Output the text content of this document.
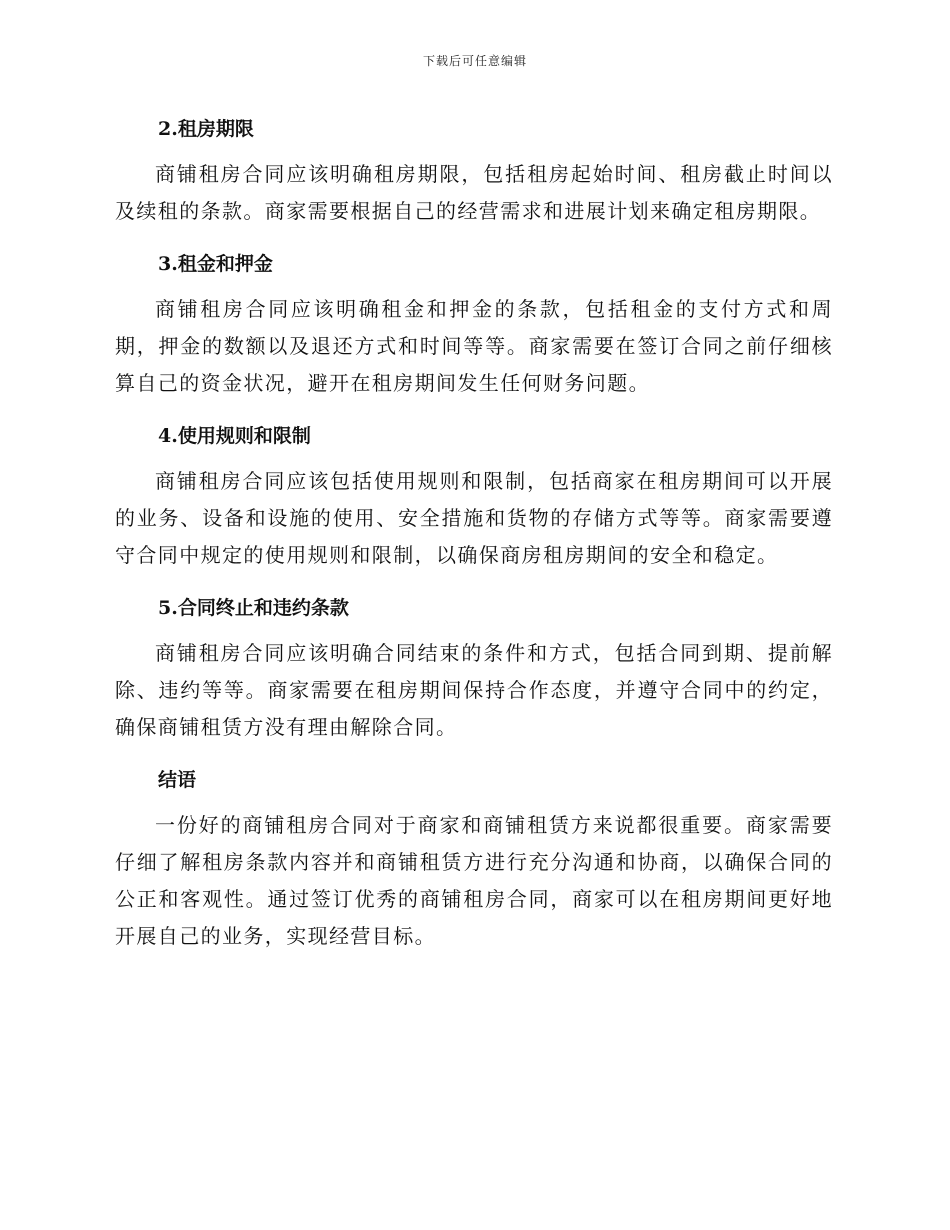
下载后可任意编辑
2.租房期限
商铺租房合同应该明确租房期限，包括租房起始时间、租房截止时间以及续租的条款。商家需要根据自己的经营需求和进展计划来确定租房期限。
3.租金和押金
商铺租房合同应该明确租金和押金的条款，包括租金的支付方式和周期，押金的数额以及退还方式和时间等等。商家需要在签订合同之前仔细核算自己的资金状况，避开在租房期间发生任何财务问题。
4.使用规则和限制
商铺租房合同应该包括使用规则和限制，包括商家在租房期间可以开展的业务、设备和设施的使用、安全措施和货物的存储方式等等。商家需要遵守合同中规定的使用规则和限制，以确保商房租房期间的安全和稳定。
5.合同终止和违约条款
商铺租房合同应该明确合同结束的条件和方式，包括合同到期、提前解除、违约等等。商家需要在租房期间保持合作态度，并遵守合同中的约定，确保商铺租赁方没有理由解除合同。
结语
一份好的商铺租房合同对于商家和商铺租赁方来说都很重要。商家需要仔细了解租房条款内容并和商铺租赁方进行充分沟通和协商，以确保合同的公正和客观性。通过签订优秀的商铺租房合同，商家可以在租房期间更好地开展自己的业务，实现经营目标。
